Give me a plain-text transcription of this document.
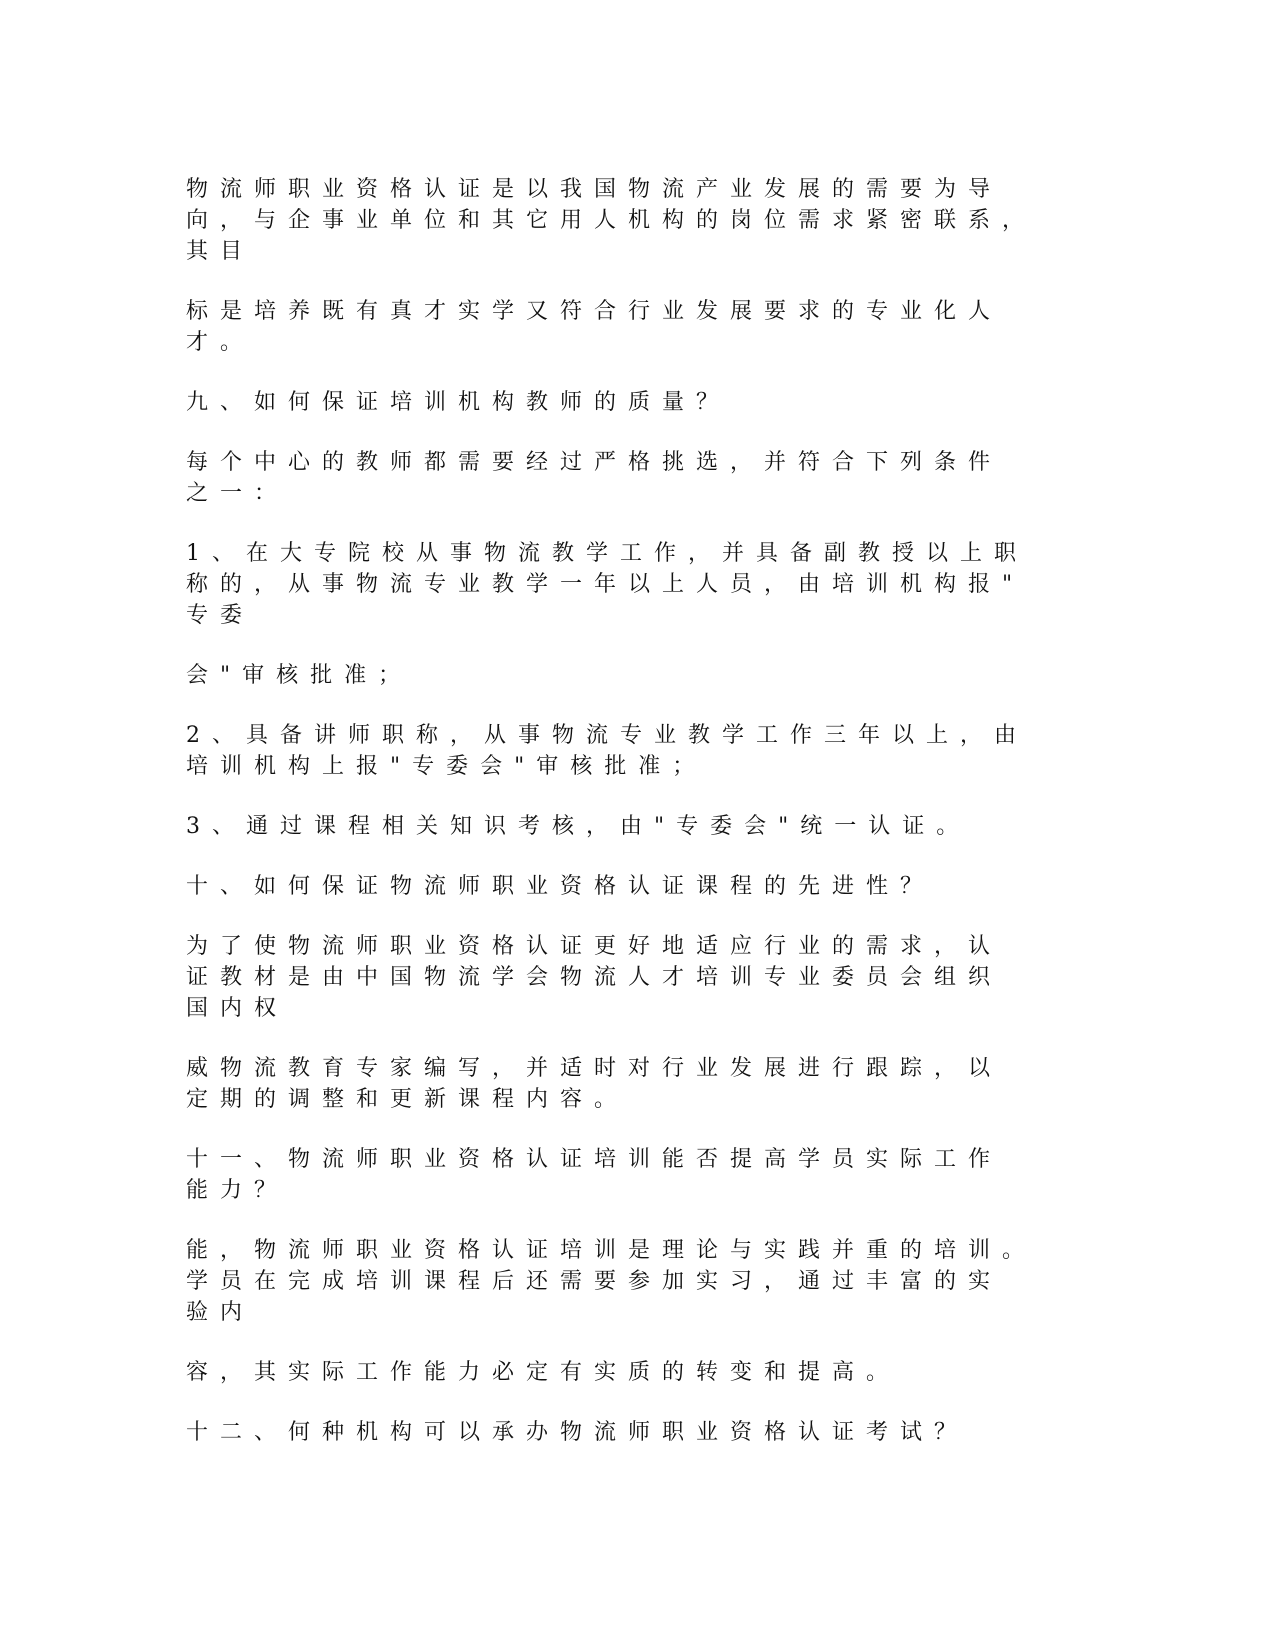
物流师职业资格认证是以我国物流产业发展的需要为导
向，与企事业单位和其它用人机构的岗位需求紧密联系，
其目
标是培养既有真才实学又符合行业发展要求的专业化人
才。
九、如何保证培训机构教师的质量？
每个中心的教师都需要经过严格挑选，并符合下列条件
之一：
1、在大专院校从事物流教学工作，并具备副教授以上职
称的，从事物流专业教学一年以上人员，由培训机构报"
专委
会"审核批准；
2、具备讲师职称，从事物流专业教学工作三年以上，由
培训机构上报"专委会"审核批准；
3、通过课程相关知识考核，由"专委会"统一认证。
十、如何保证物流师职业资格认证课程的先进性？
为了使物流师职业资格认证更好地适应行业的需求，认
证教材是由中国物流学会物流人才培训专业委员会组织
国内权
威物流教育专家编写，并适时对行业发展进行跟踪，以
定期的调整和更新课程内容。
十一、物流师职业资格认证培训能否提高学员实际工作
能力？
能，物流师职业资格认证培训是理论与实践并重的培训。
学员在完成培训课程后还需要参加实习，通过丰富的实
验内
容，其实际工作能力必定有实质的转变和提高。
十二、何种机构可以承办物流师职业资格认证考试？
